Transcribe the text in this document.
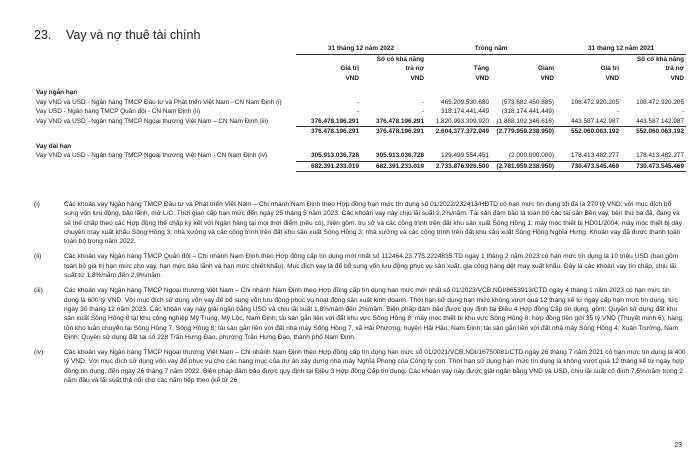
23. Vay và nợ thuê tài chính
	31 tháng 12 năm 2022		Trong năm		31 tháng 12 năm 2021	
		Số có khả năng				Số có khả năng
	Giá trị	trả nợ	Tăng	Giảm	Giá trị	trả nợ
	VND	VND	VND	VND	VND	VND

Vay ngắn hạn						
Vay VND và USD - Ngân hàng TMCP Đầu tư và Phát triển Việt Nam - CN Nam Định (i)	-	-	465.209.530.680	(573.682.450.885)	108.472.920.205	108.472.920.205
Vay USD - Ngân hàng TMCP Quân đội - CN Nam Định (ii)	-	-	318.174.441.449	(318.174.441.449)	-	-
Vay VND và USD - Ngân hàng TMCP Ngoại thương Việt Nam – CN Nam Định (iii)	376.478.196.291	376.478.196.291	1.820.993.399.920	(1.888.102.346.616)	443.587.142.987	443.587.142.987
	376.478.196.291	376.478.196.291	2.604.377.372.049	(2.779.959.238.950)	552.060.063.192	552.060.063.192

Vay dài hạn						
Vay VND và USD - Ngân hàng TMCP Ngoại thương Việt Nam - CN Nam Định (iv)	305.913.036.728	305.913.036.728	129.499.554.451	(2.000.000.000)	178.413.482.277	178.413.482.277
	682.391.233.019	682.391.233.019	2.733.876.926.500	(2.781.959.238.950)	730.473.545.469	730.473.545.469
(i)	Các khoản vay Ngân hàng TMCP Đầu tư và Phát triển Việt Nam – Chi nhánh Nam Định theo Hợp đồng hạn mức tín dụng số 01/2022/232413/HĐTD có hạn mức tín dụng tối đa là 270 tỷ VND, với mục đích bổ sung vốn lưu động, bảo lãnh, mở L/C. Thời gian cấp hạn mức đến ngày 25 tháng 5 năm 2023. Các khoản vay này chịu lãi suất 2,2%/năm. Tài sản đảm bảo là toàn bộ các tài sản Bên vay, bên thứ ba đã, đang và sẽ thế chấp theo các Hợp đồng thế chấp ký kết với Ngân hàng tại mọi thời điểm (nếu có), hiện gồm: trụ sở và các công trình trên đất khu sản xuất Sông Hồng 1; máy móc thiết bị HD01/2004; máy móc thiết bị dây chuyền may xuất khẩu Sông Hồng 3; nhà xưởng và các công trình trên đất khu sản xuất Sông Hồng 3; nhà xưởng và các công trình trên đất khu sản xuất Sông Hồng Nghĩa Hưng. Khoản vay đã được thanh toán toàn bộ trong năm 2022.
(ii)	Các khoản vay Ngân hàng TMCP Quân đội – Chi nhánh Nam Định theo Hợp đồng cấp tín dụng mới nhất số 112464.23.775.2224835.TD ngày 1 tháng 2 năm 2023 có hạn mức tín dụng là 10 triệu USD (bao gồm toàn bộ giá trị hạn mức cho vay, hạn mức bảo lãnh và hạn mức chiết khấu). Mục đích vay là để bổ sung vốn lưu động phục vụ sản xuất, gia công hàng dệt may xuất khẩu. Đây là các khoản vay tín chấp, chịu lãi suất từ 1,8%/năm đến 2,9%/năm.
(iii)	Các khoản vay Ngân hàng TMCP Ngoại thương Việt Nam – Chi nhánh Nam Định theo Hợp đồng cấp tín dụng hạn mức mới nhất số 01/2023/VCB.NDI/8653913/CTD ngày 4 tháng 1 năm 2023 có hạn mức tín dụng là 600 tỷ VND. Với mục đích sử dụng vốn vay để bổ sung vốn lưu động phục vụ hoạt động sản xuất kinh doanh. Thời hạn sử dụng hạn mức không vượt quá 12 tháng kể từ ngày cấp hạn mức tín dụng, tức ngày 30 tháng 12 năm 2023. Các khoản vay này giải ngân bằng USD và chịu lãi suất 1,8%/năm đến 2%/năm. Biện pháp đảm bảo được quy định tại Điều 4 Hợp đồng Cấp tín dụng, gồm: Quyền sử dụng đất khu sản xuất Sông Hồng 8 tại khu công nghiệp Mỹ Trung, Mỹ Lộc, Nam Định; tài sản gắn liền với đất khu vực Sông Hồng 8; máy móc thiết bị khu vực Sông Hồng 8; hợp đồng tiền gửi 35 tỷ VND (Thuyết minh 6); hàng tồn kho luân chuyển tại Sông Hồng 7, Sông Hồng 8; tài sản gắn liền với đất nhà máy Sông Hồng 7, xã Hải Phương, huyện Hải Hậu, Nam Định; tài sản gắn liền với đất nhà máy Sông Hồng 4, Xuân Trường, Nam Định; Quyền sử dụng đất tại số 228 Trần Hưng Đạo, phường Trần Hưng Đạo, thành phố Nam Định.
(iv)	Các khoản vay Ngân hàng TMCP Ngoại thương Việt Nam – Chi nhánh Nam Định theo Hợp đồng cấp tín dụng hạn mức số 01/2021/VCB.NDI/16750081/CTD ngày 26 tháng 7 năm 2021 có hạn mức tín dụng là 400 tỷ VND. Với mục đích sử dụng vốn vay để phục vụ cho các hạng mục của dự án xây dựng nhà máy Nghĩa Phong của Công ty con. Thời hạn sử dụng hạn mức tín dụng là không vượt quá 12 tháng kể từ ngày hợp đồng tín dụng, đến ngày 26 tháng 7 năm 2022. Biện pháp đảm bảo được quy định tại Điều 3 Hợp đồng Cấp tín dụng. Các khoản vay này được giải ngân bằng VND và USD, chịu lãi suất cố định 7,5%/năm trong 2 năm đầu và lãi suất thả nổi cho các năm tiếp theo (kể từ 26
23
